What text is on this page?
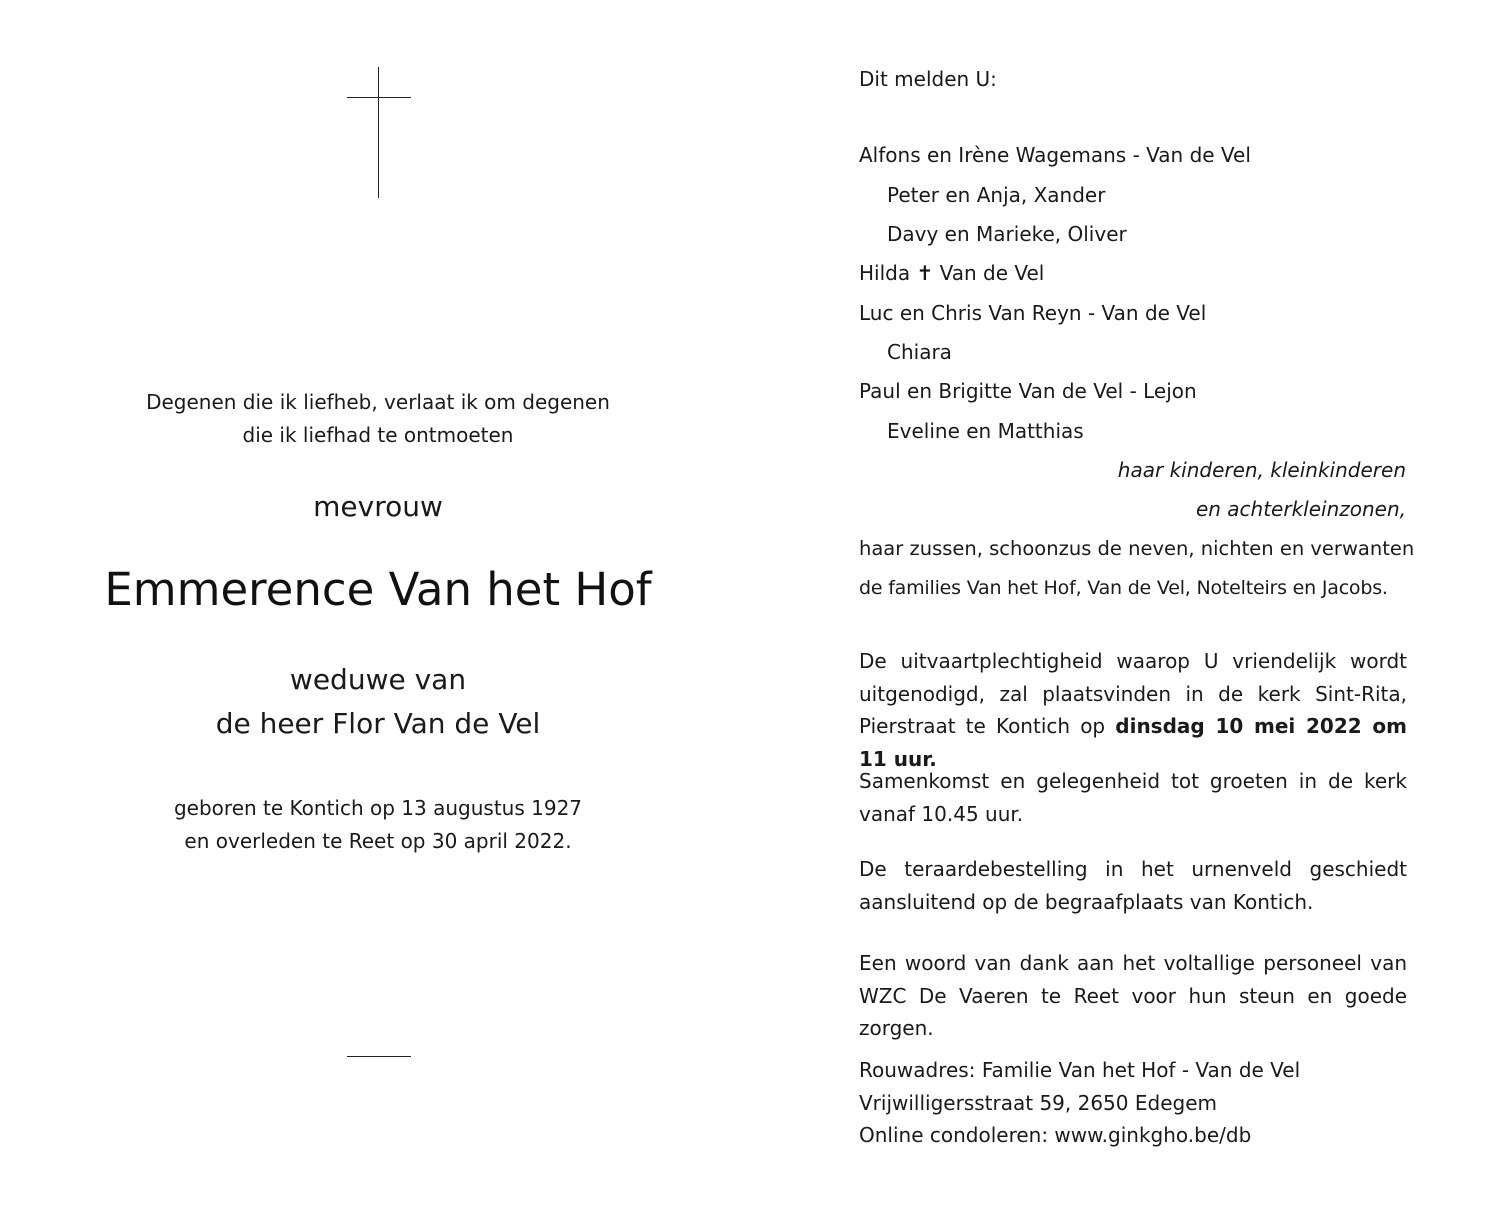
Degenen die ik liefheb, verlaat ik om degenen
die ik liefhad te ontmoeten
mevrouw
Emmerence Van het Hof
weduwe van
de heer Flor Van de Vel
geboren te Kontich op 13 augustus 1927
en overleden te Reet op 30 april 2022.

Dit melden U:

Alfons en Irène Wagemans - Van de Vel

Peter en Anja, Xander

Davy en Marieke, Oliver

Hilda ✝ Van de Vel

Luc en Chris Van Reyn - Van de Vel

Chiara

Paul en Brigitte Van de Vel - Lejon

Eveline en Matthias

haar kinderen, kleinkinderen

en achterkleinzonen,

haar zussen, schoonzus de neven, nichten en verwanten

de families Van het Hof, Van de Vel, Notelteirs en Jacobs.

De uitvaartplechtigheid waarop U vriendelijk wordt uitgenodigd, zal plaatsvinden in de kerk Sint-Rita, Pierstraat te Kontich op dinsdag 10 mei 2022 om 11 uur.

Samenkomst en gelegenheid tot groeten in de kerk vanaf 10.45 uur.

De teraardebestelling in het urnenveld geschiedt aansluitend op de begraafplaats van Kontich.

Een woord van dank aan het voltallige personeel van WZC De Vaeren te Reet voor hun steun en goede zorgen.

Rouwadres: Familie Van het Hof - Van de Vel
Vrijwilligersstraat 59, 2650 Edegem
Online condoleren: www.ginkgho.be/db
